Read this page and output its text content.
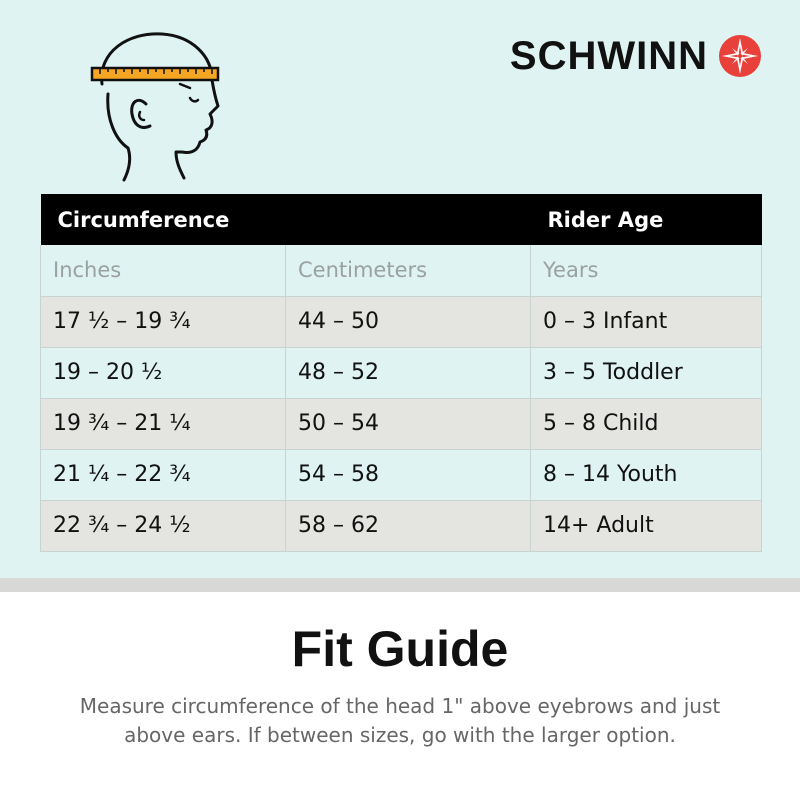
SCHWINN
Circumference		Rider Age
Inches	Centimeters	Years
17 ½ – 19 ¾	44 – 50	0 – 3 Infant
19 – 20 ½	48 – 52	3 – 5 Toddler
19 ¾ – 21 ¼	50 – 54	5 – 8 Child
21 ¼ – 22 ¾	54 – 58	8 – 14 Youth
22 ¾ – 24 ½	58 – 62	14+ Adult
Fit Guide

Measure circumference of the head 1" above eyebrows and just above ears. If between sizes, go with the larger option.
